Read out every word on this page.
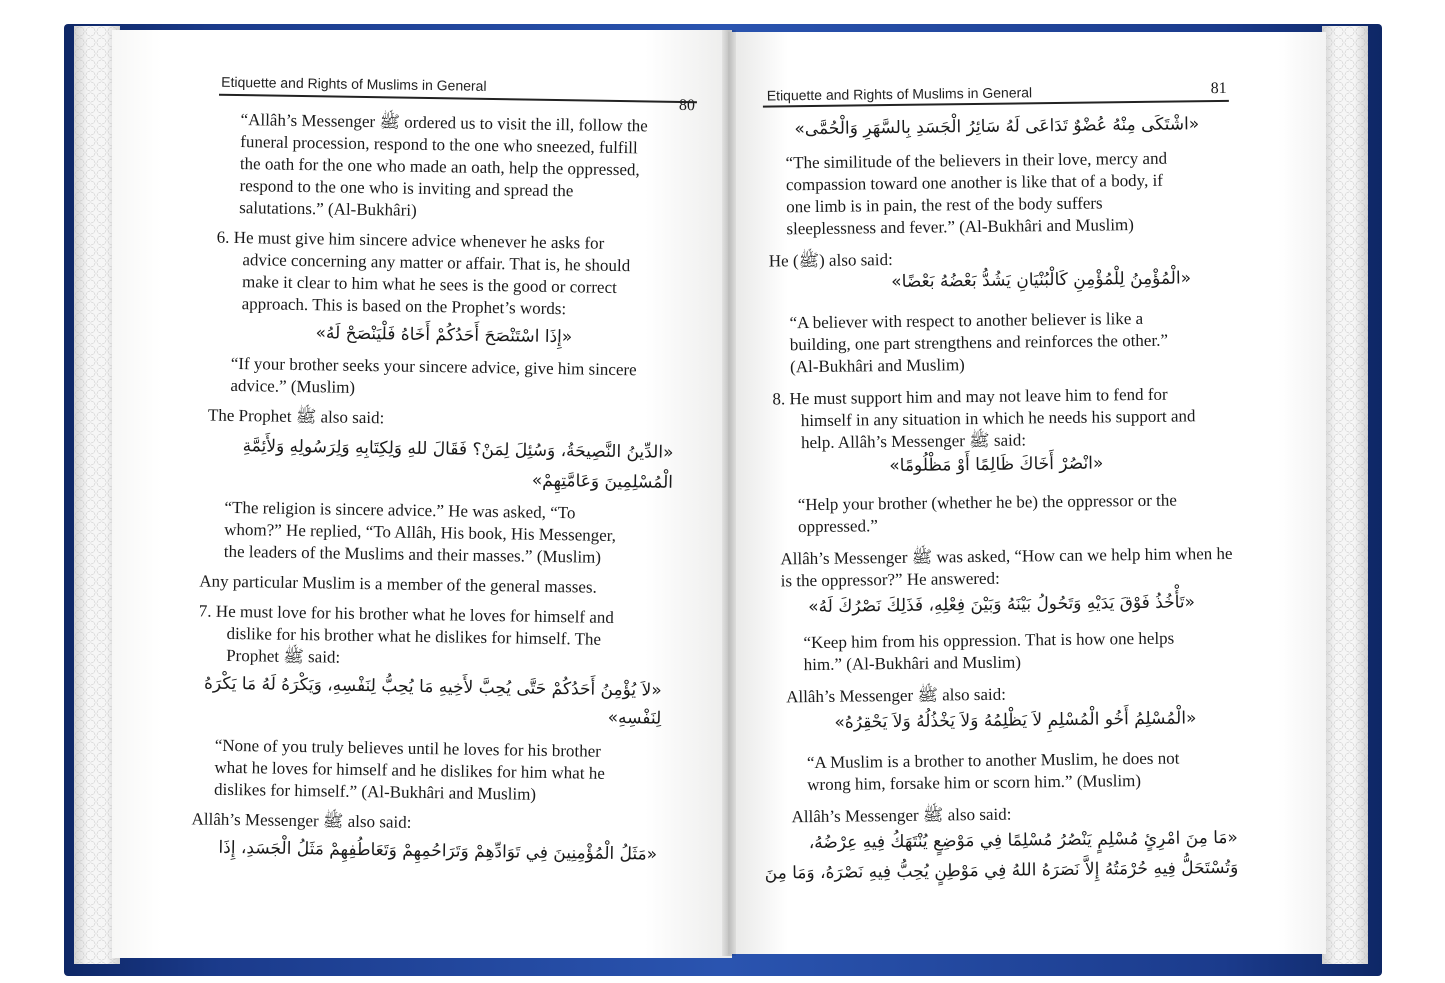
Etiquette and Rights of Muslims in General
80
“Allâh’s Messenger ﷺ ordered us to visit the ill, follow the
funeral procession, respond to the one who sneezed, fulfill
the oath for the one who made an oath, help the oppressed,
respond to the one who is inviting and spread the
salutations.” (Al-Bukhâri)
6. He must give him sincere advice whenever he asks for
advice concerning any matter or affair. That is, he should
make it clear to him what he sees is the good or correct
approach. This is based on the Prophet’s words:
«إِذَا اسْتَنْصَحَ أَحَدُكُمْ أَخَاهُ فَلْيَنْصَحْ لَهُ»
“If your brother seeks your sincere advice, give him sincere
advice.” (Muslim)
The Prophet ﷺ also said:
«الدِّينُ النَّصِيحَةُ، وَسُئِلَ لِمَنْ؟ فَقَالَ للهِ وَلِكِتَابِهِ وَلِرَسُولِهِ وَلأَئِمَّةِ
الْمُسْلِمِينَ وَعَامَّتِهِمْ»
“The religion is sincere advice.” He was asked, “To
whom?” He replied, “To Allâh, His book, His Messenger,
the leaders of the Muslims and their masses.” (Muslim)
Any particular Muslim is a member of the general masses.
7. He must love for his brother what he loves for himself and
dislike for his brother what he dislikes for himself. The
Prophet ﷺ said:
«لاَ يُؤْمِنُ أَحَدُكُمْ حَتَّى يُحِبَّ لأَخِيهِ مَا يُحِبُّ لِنَفْسِهِ، وَيَكْرَهُ لَهُ مَا يَكْرَهُ
لِنَفْسِهِ»
“None of you truly believes until he loves for his brother
what he loves for himself and he dislikes for him what he
dislikes for himself.” (Al-Bukhâri and Muslim)
Allâh’s Messenger ﷺ also said:
«مَثَلُ الْمُؤْمِنِينَ فِي تَوَادِّهِمْ وَتَرَاحُمِهِمْ وَتَعَاطُفِهِمْ مَثَلُ الْجَسَدِ، إِذَا
Etiquette and Rights of Muslims in General	81
«اشْتَكَى مِنْهُ عُضْوٌ تَدَاعَى لَهُ سَائِرُ الْجَسَدِ بِالسَّهَرِ وَالْحُمَّى»
“The similitude of the believers in their love, mercy and
compassion toward one another is like that of a body, if
one limb is in pain, the rest of the body suffers
sleeplessness and fever.” (Al-Bukhâri and Muslim)
He (ﷺ) also said:
«الْمُؤْمِنُ لِلْمُؤْمِنِ كَالْبُنْيَانِ يَشُدُّ بَعْضُهُ بَعْضًا»
“A believer with respect to another believer is like a
building, one part strengthens and reinforces the other.”
(Al-Bukhâri and Muslim)
8. He must support him and may not leave him to fend for
himself in any situation in which he needs his support and
help. Allâh’s Messenger ﷺ said:
«انْصُرْ أَخَاكَ ظَالِمًا أَوْ مَظْلُومًا»
“Help your brother (whether he be) the oppressor or the
oppressed.”
Allâh’s Messenger ﷺ was asked, “How can we help him when he
is the oppressor?” He answered:
«تَأْخُذُ فَوْقَ يَدَيْهِ وَتَحُولُ بَيْنَهُ وَبَيْنَ فِعْلِهِ، فَذَلِكَ نَصْرُكَ لَهُ»
“Keep him from his oppression. That is how one helps
him.” (Al-Bukhâri and Muslim)
Allâh’s Messenger ﷺ also said:
«الْمُسْلِمُ أَخُو الْمُسْلِمِ لاَ يَظْلِمُهُ وَلاَ يَخْذُلُهُ وَلاَ يَحْقِرُهُ»
“A Muslim is a brother to another Muslim, he does not
wrong him, forsake him or scorn him.” (Muslim)
Allâh’s Messenger ﷺ also said:
«مَا مِنَ امْرِئٍ مُسْلِمٍ يَنْصُرُ مُسْلِمًا فِي مَوْضِعٍ يُنْتَهَكُ فِيهِ عِرْضُهُ،
وَتُسْتَحَلُّ فِيهِ حُرْمَتُهُ إِلاَّ نَصَرَهُ اللهُ فِي مَوْطِنٍ يُحِبُّ فِيهِ نَصْرَهُ، وَمَا مِنَ
